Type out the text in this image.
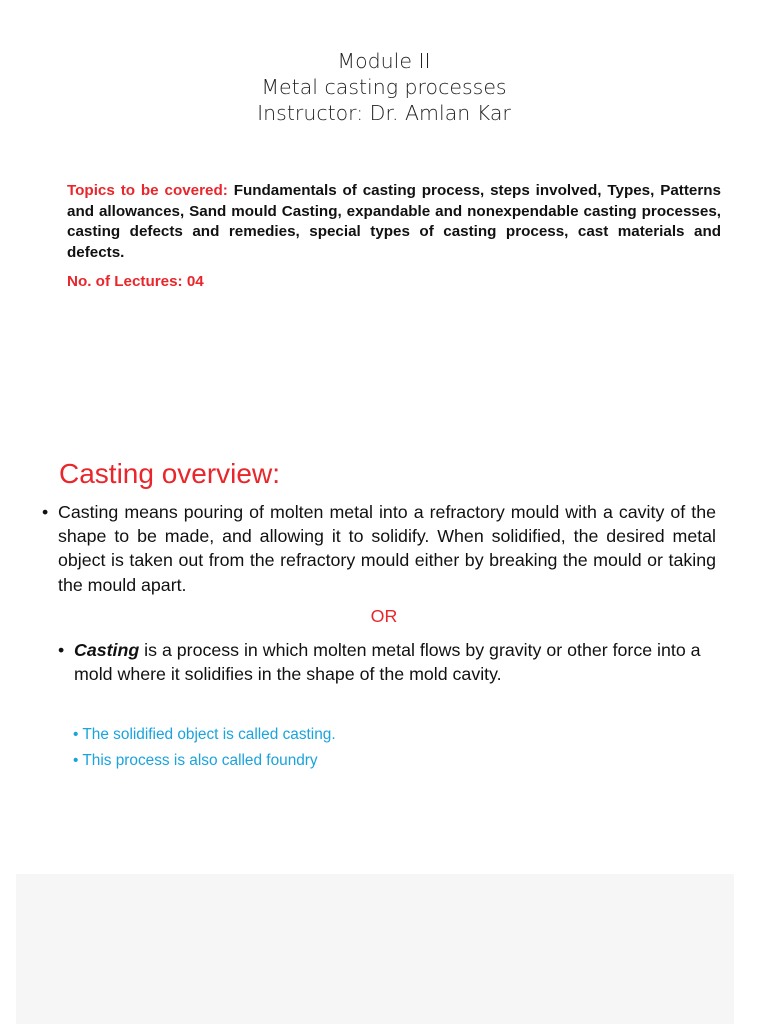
Module II
Metal casting processes
Instructor: Dr. Amlan Kar
Topics to be covered: Fundamentals of casting process, steps involved, Types, Patterns and allowances, Sand mould Casting, expandable and nonexpendable casting processes, casting defects and remedies, special types of casting process, cast materials and defects.
No. of Lectures: 04
Casting overview:
• Casting means pouring of molten metal into a refractory mould with a cavity of the shape to be made, and allowing it to solidify. When solidified, the desired metal object is taken out from the refractory mould either by breaking the mould or taking the mould apart.
OR
• Casting is a process in which molten metal flows by gravity or other force into a mold where it solidifies in the shape of the mold cavity.
• The solidified object is called casting.
• This process is also called foundry
